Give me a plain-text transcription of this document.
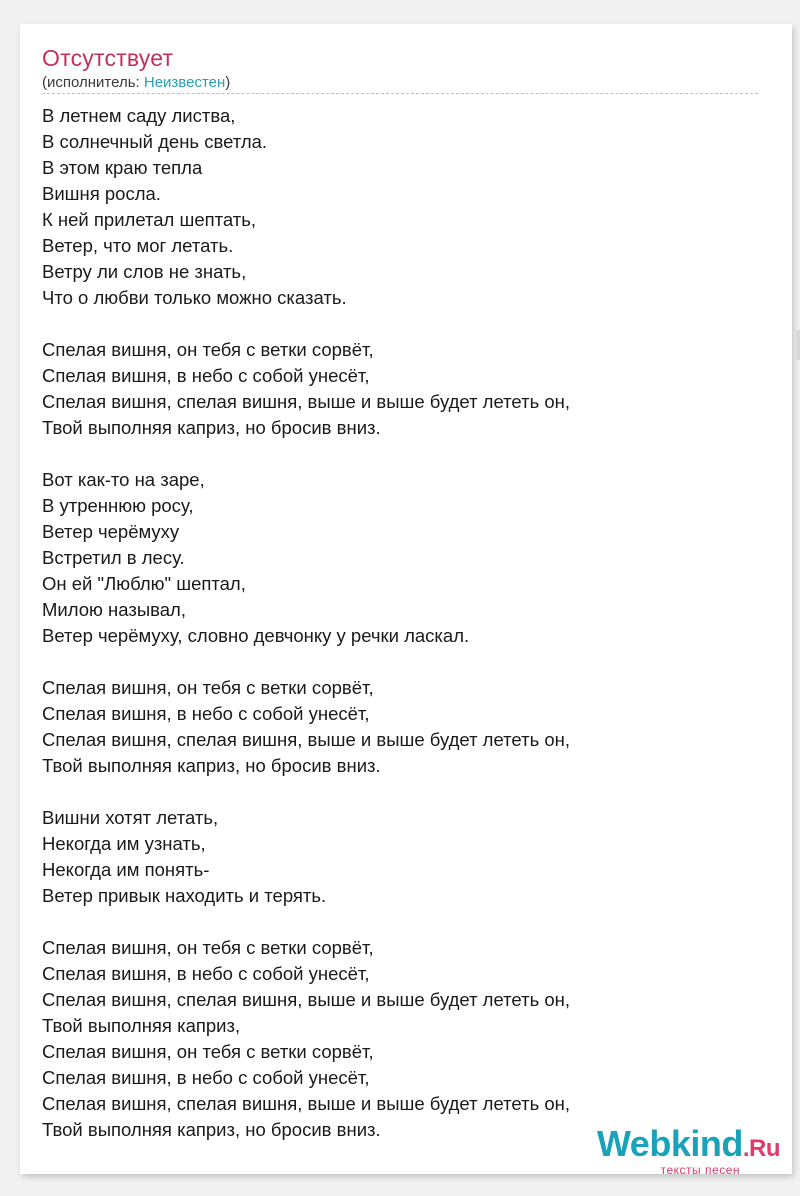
Отсутствует
(исполнитель: Неизвестен)
В летнем саду листва,
В солнечный день светла.
В этом краю тепла
Вишня росла.
К ней прилетал шептать,
Ветер, что мог летать.
Ветру ли слов не знать,
Что о любви только можно сказать.
Спелая вишня, он тебя с ветки сорвёт,
Спелая вишня, в небо с собой унесёт,
Спелая вишня, спелая вишня, выше и выше будет лететь он,
Твой выполняя каприз, но бросив вниз.
Вот как-то на заре,
В утреннюю росу,
Ветер черёмуху
Встретил в лесу.
Он ей "Люблю" шептал,
Милою называл,
Ветер черёмуху, словно девчонку у речки ласкал.
Спелая вишня, он тебя с ветки сорвёт,
Спелая вишня, в небо с собой унесёт,
Спелая вишня, спелая вишня, выше и выше будет лететь он,
Твой выполняя каприз, но бросив вниз.
Вишни хотят летать,
Некогда им узнать,
Некогда им понять-
Ветер привык находить и терять.
Спелая вишня, он тебя с ветки сорвёт,
Спелая вишня, в небо с собой унесёт,
Спелая вишня, спелая вишня, выше и выше будет лететь он,
Твой выполняя каприз,
Спелая вишня, он тебя с ветки сорвёт,
Спелая вишня, в небо с собой унесёт,
Спелая вишня, спелая вишня, выше и выше будет лететь он,
Твой выполняя каприз, но бросив вниз.	Webkind.Ru
тексты песен
